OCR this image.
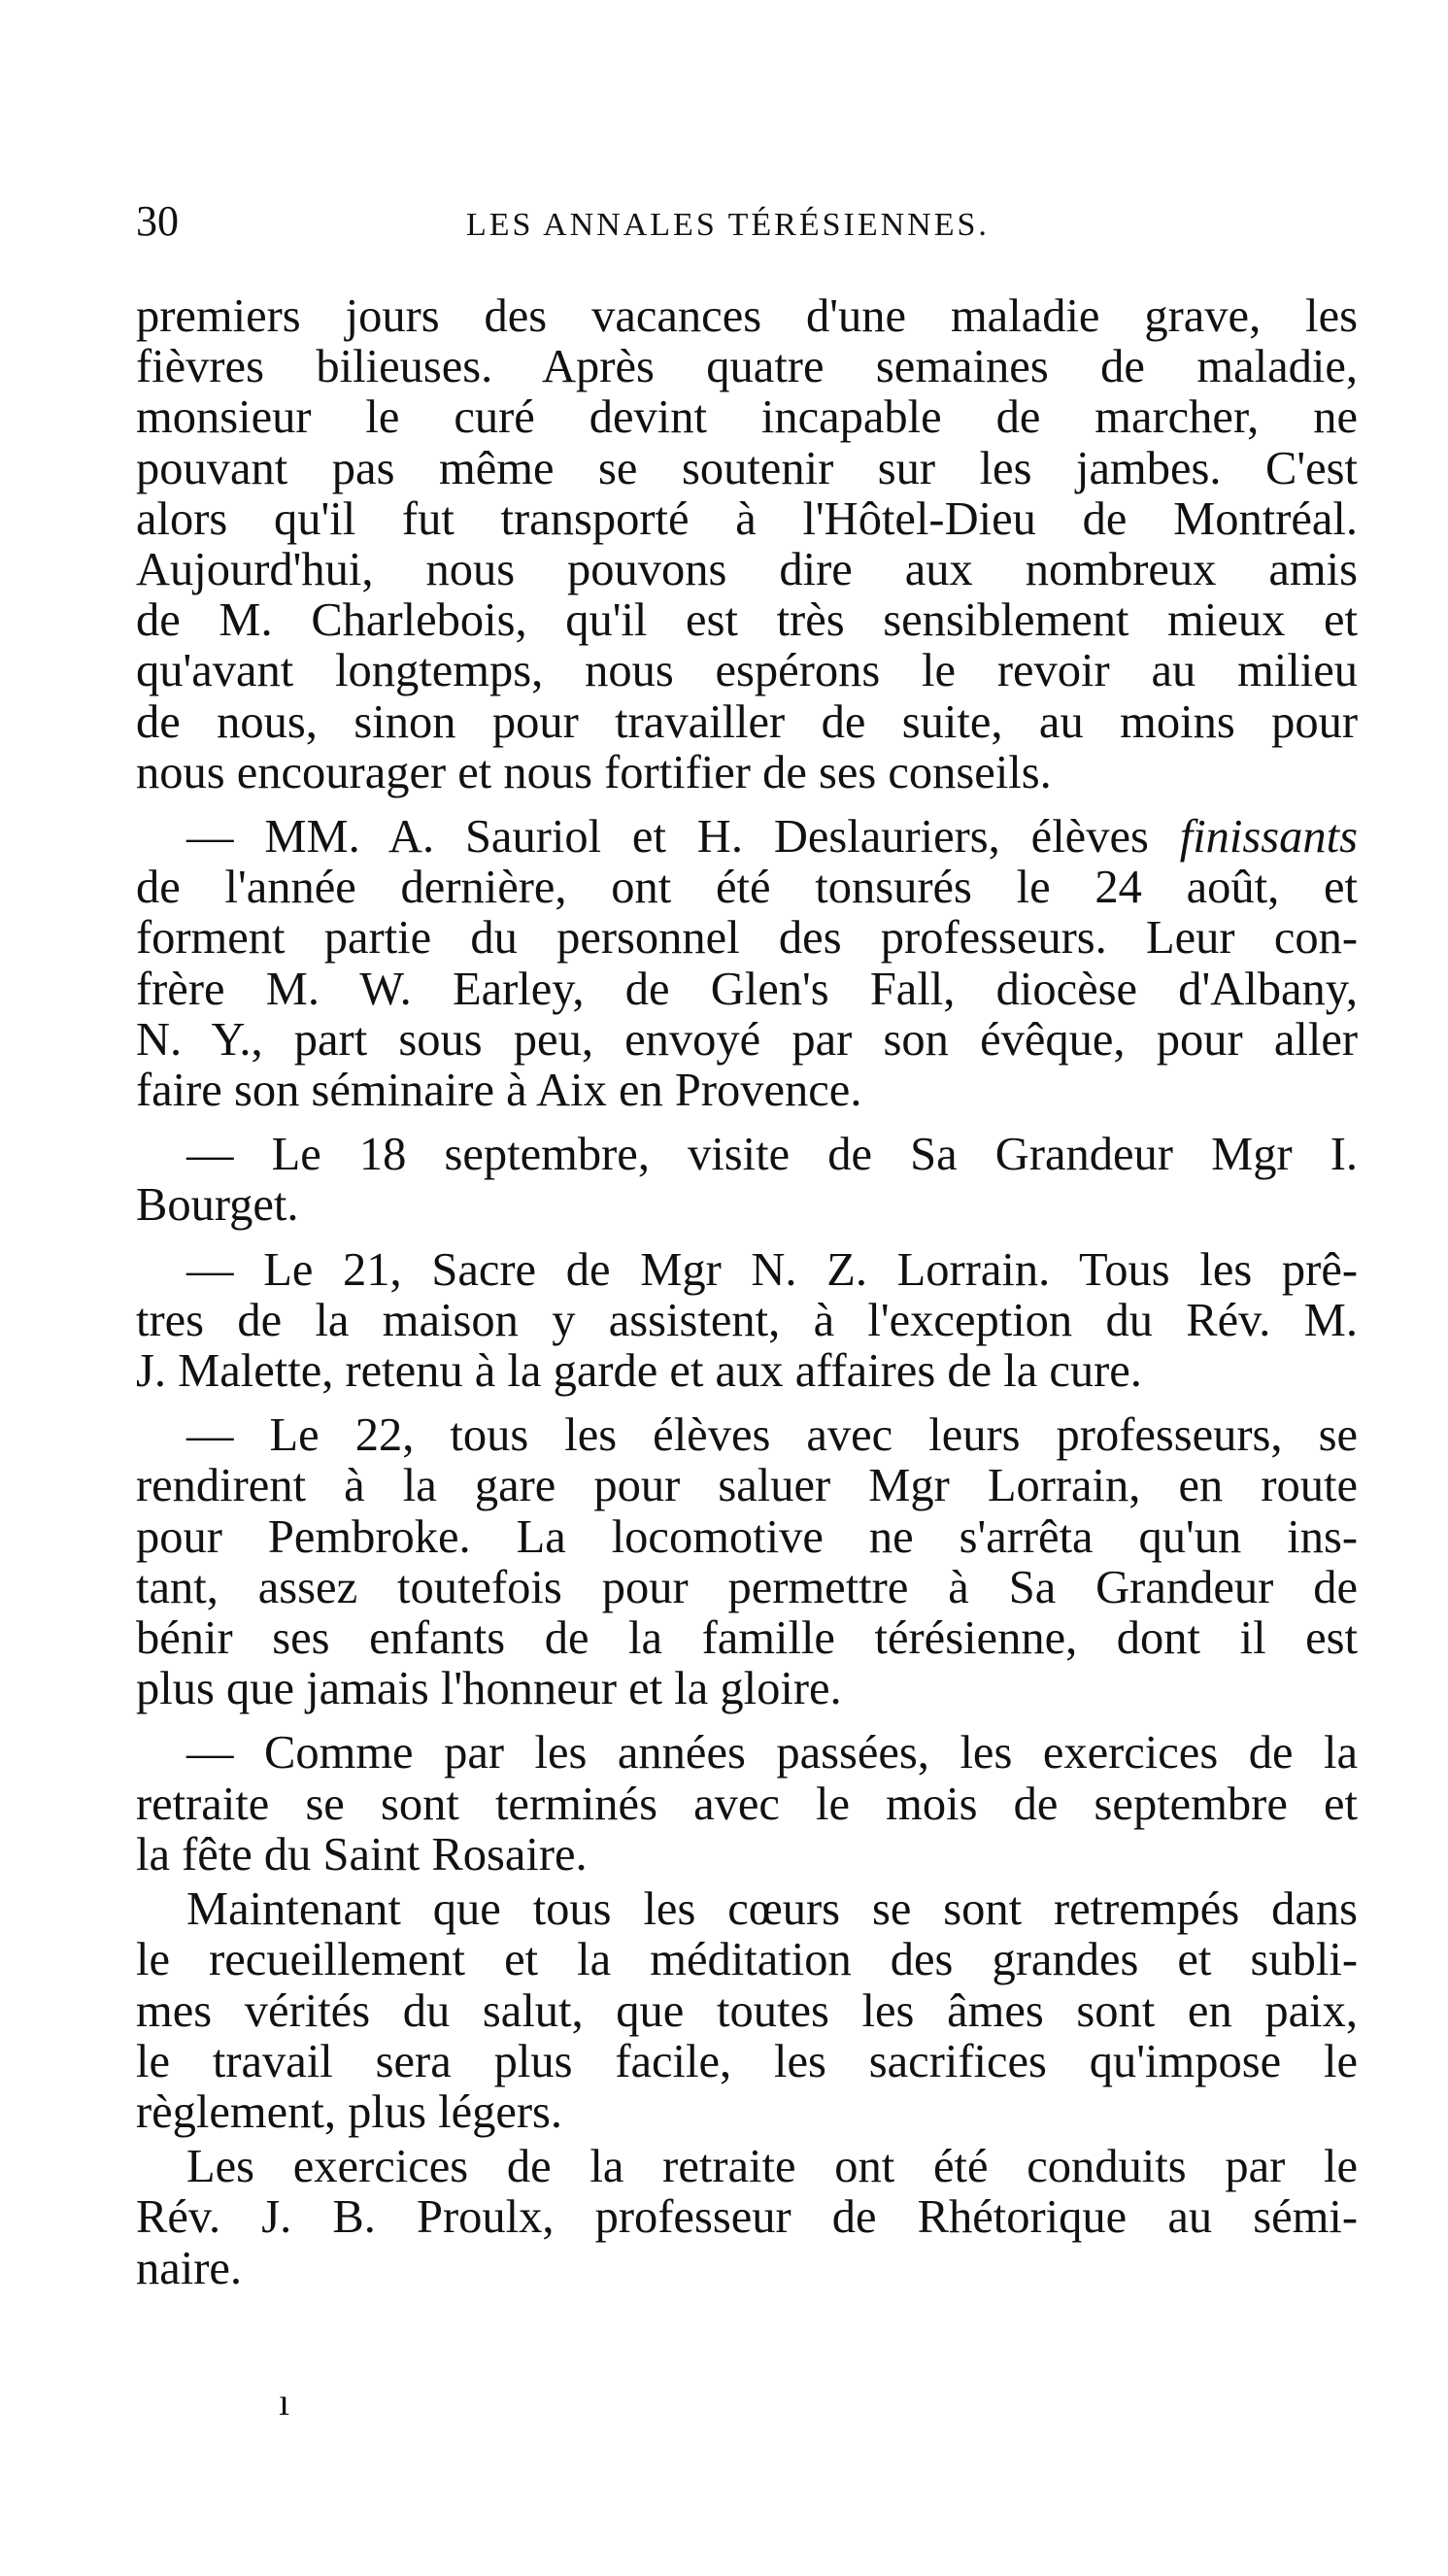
30	LES ANNALES TÉRÉSIENNES.
premiers jours des vacances d'une maladie grave, les
fièvres bilieuses. Après quatre semaines de maladie,
monsieur le curé devint incapable de marcher, ne
pouvant pas même se soutenir sur les jambes. C'est
alors qu'il fut transporté à l'Hôtel-Dieu de Montréal.
Aujourd'hui, nous pouvons dire aux nombreux amis
de M. Charlebois, qu'il est très sensiblement mieux et
qu'avant longtemps, nous espérons le revoir au milieu
de nous, sinon pour travailler de suite, au moins pour
nous encourager et nous fortifier de ses conseils.
— MM. A. Sauriol et H. Deslauriers, élèves finissants
de l'année dernière, ont été tonsurés le 24 août, et
forment partie du personnel des professeurs. Leur con-
frère M. W. Earley, de Glen's Fall, diocèse d'Albany,
N. Y., part sous peu, envoyé par son évêque, pour aller
faire son séminaire à Aix en Provence.
— Le 18 septembre, visite de Sa Grandeur Mgr I.
Bourget.
— Le 21, Sacre de Mgr N. Z. Lorrain. Tous les prê-
tres de la maison y assistent, à l'exception du Rév. M.
J. Malette, retenu à la garde et aux affaires de la cure.
— Le 22, tous les élèves avec leurs professeurs, se
rendirent à la gare pour saluer Mgr Lorrain, en route
pour Pembroke. La locomotive ne s'arrêta qu'un ins-
tant, assez toutefois pour permettre à Sa Grandeur de
bénir ses enfants de la famille térésienne, dont il est
plus que jamais l'honneur et la gloire.
— Comme par les années passées, les exercices de la
retraite se sont terminés avec le mois de septembre et
la fête du Saint Rosaire.
Maintenant que tous les cœurs se sont retrempés dans
le recueillement et la méditation des grandes et subli-
mes vérités du salut, que toutes les âmes sont en paix,
le travail sera plus facile, les sacrifices qu'impose le
règlement, plus légers.
Les exercices de la retraite ont été conduits par le
Rév. J. B. Proulx, professeur de Rhétorique au sémi-
naire.
ı
